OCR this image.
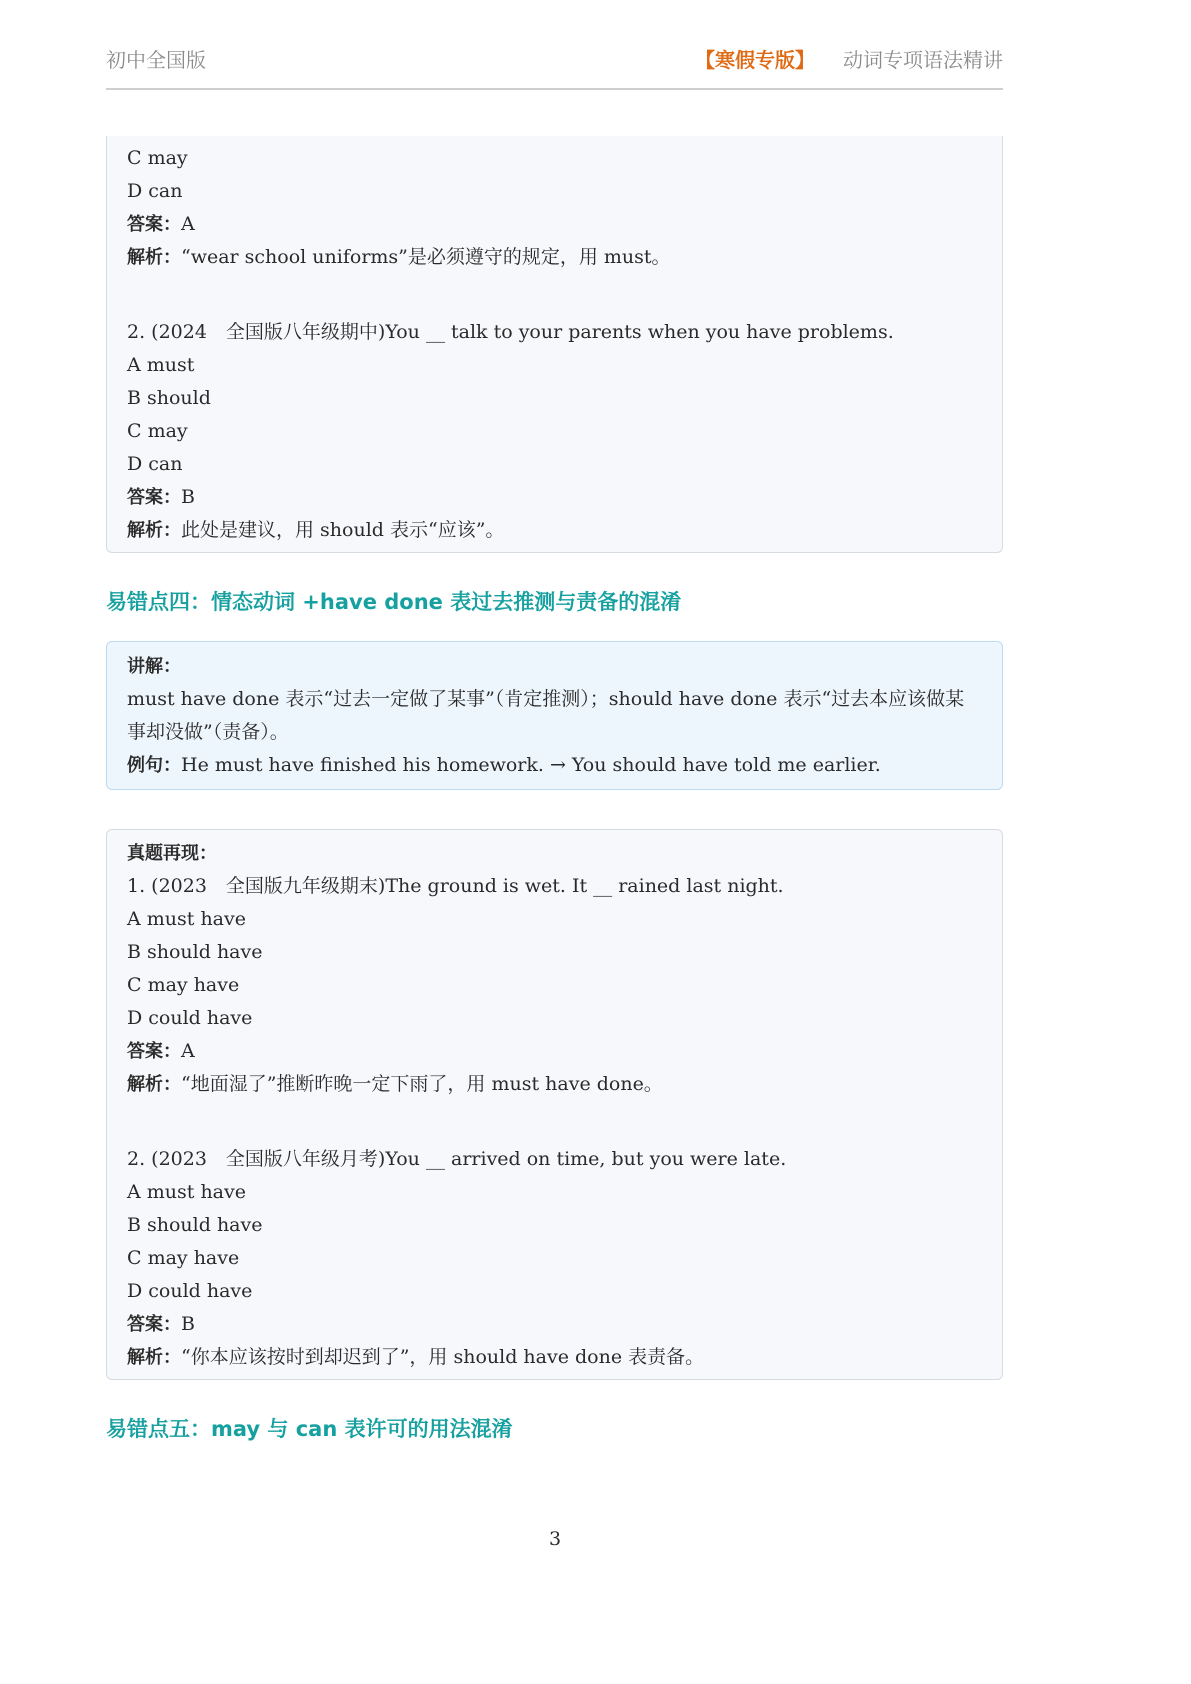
初中全国版	【寒假专版】 动词专项语法精讲
C may
D can
答案：A
解析：“wear school uniforms”是必须遵守的规定，用 must。
2. (2024　全国版八年级期中)You __ talk to your parents when you have problems.
A must
B should
C may
D can
答案：B
解析：此处是建议，用 should 表示“应该”。
易错点四：情态动词 +have done 表过去推测与责备的混淆
讲解：
must have done 表示“过去一定做了某事”（肯定推测）；should have done 表示“过去本应该做某事却没做”（责备）。
例句：He must have finished his homework. → You should have told me earlier.
真题再现：
1. (2023　全国版九年级期末)The ground is wet. It __ rained last night.
A must have
B should have
C may have
D could have
答案：A
解析：“地面湿了”推断昨晚一定下雨了，用 must have done。
2. (2023　全国版八年级月考)You __ arrived on time, but you were late.
A must have
B should have
C may have
D could have
答案：B
解析：“你本应该按时到却迟到了”，用 should have done 表责备。
易错点五：may 与 can 表许可的用法混淆
3
